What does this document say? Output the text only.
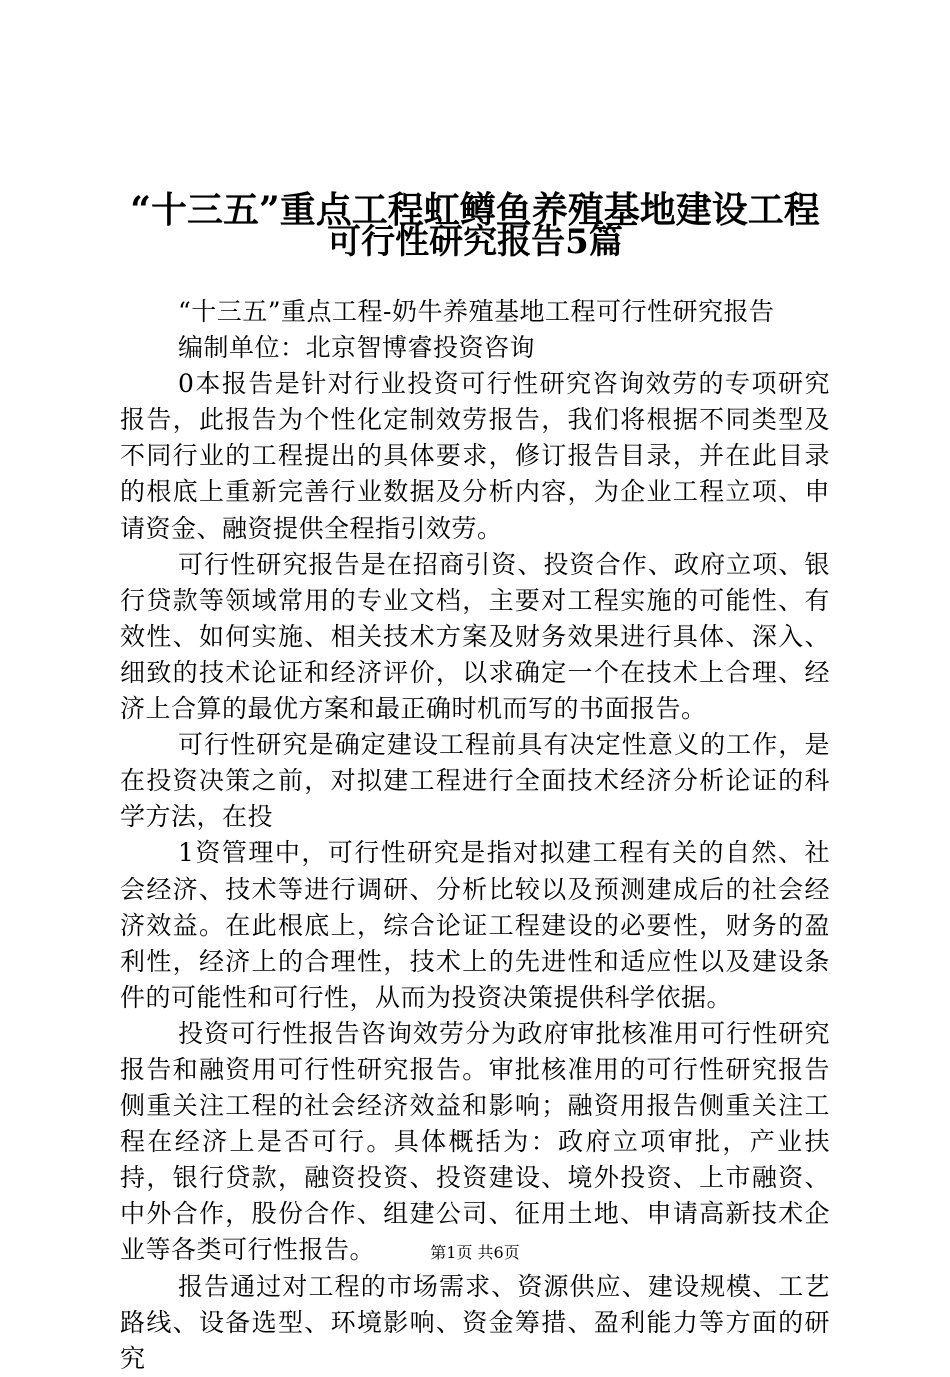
“十三五”重点工程虹鳟鱼养殖基地建设工程
可行性研究报告5篇

“十三五”重点工程-奶牛养殖基地工程可行性研究报告

编制单位：北京智博睿投资咨询

0本报告是针对行业投资可行性研究咨询效劳的专项研究报告，此报告为个性化定制效劳报告，我们将根据不同类型及不同行业的工程提出的具体要求，修订报告目录，并在此目录的根底上重新完善行业数据及分析内容，为企业工程立项、申请资金、融资提供全程指引效劳。

可行性研究报告是在招商引资、投资合作、政府立项、银行贷款等领域常用的专业文档，主要对工程实施的可能性、有效性、如何实施、相关技术方案及财务效果进行具体、深入、细致的技术论证和经济评价，以求确定一个在技术上合理、经济上合算的最优方案和最正确时机而写的书面报告。

可行性研究是确定建设工程前具有决定性意义的工作，是在投资决策之前，对拟建工程进行全面技术经济分析论证的科学方法，在投

1资管理中，可行性研究是指对拟建工程有关的自然、社会经济、技术等进行调研、分析比较以及预测建成后的社会经济效益。在此根底上，综合论证工程建设的必要性，财务的盈利性，经济上的合理性，技术上的先进性和适应性以及建设条件的可能性和可行性，从而为投资决策提供科学依据。

投资可行性报告咨询效劳分为政府审批核准用可行性研究报告和融资用可行性研究报告。审批核准用的可行性研究报告侧重关注工程的社会经济效益和影响；融资用报告侧重关注工程在经济上是否可行。具体概括为：政府立项审批，产业扶持，银行贷款，融资投资、投资建设、境外投资、上市融资、中外合作，股份合作、组建公司、征用土地、申请高新技术企业等各类可行性报告。

报告通过对工程的市场需求、资源供应、建设规模、工艺路线、设备选型、环境影响、资金筹措、盈利能力等方面的研究

第1页 共6页
